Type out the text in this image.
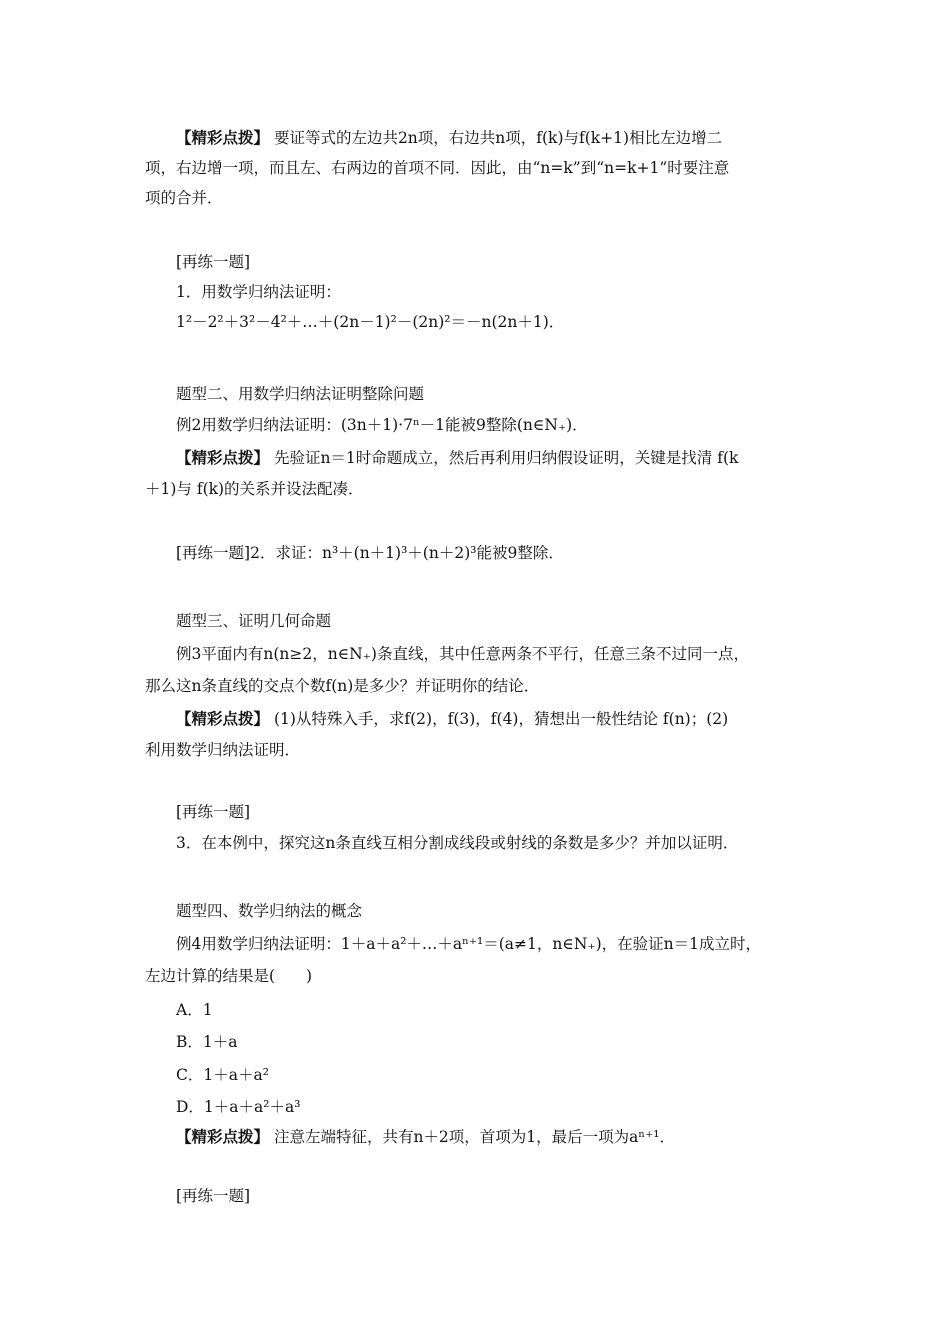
【精彩点拨】 要证等式的左边共2n项，右边共n项，f(k)与f(k+1)相比左边增二
项，右边增一项，而且左、右两边的首项不同．因此，由“n=k”到“n=k+1”时要注意
项的合并．
[再练一题]
1．用数学归纳法证明：
1²－2²＋3²－4²＋…＋(2n－1)²－(2n)²＝－n(2n＋1)．
题型二、用数学归纳法证明整除问题
例2用数学归纳法证明：(3n＋1)·7ⁿ－1能被9整除(n∈N₊)．
【精彩点拨】 先验证n＝1时命题成立，然后再利用归纳假设证明，关键是找清 f(k
＋1)与 f(k)的关系并设法配凑．
[再练一题]2．求证：n³＋(n＋1)³＋(n＋2)³能被9整除．
题型三、证明几何命题
例3平面内有n(n≥2，n∈N₊)条直线，其中任意两条不平行，任意三条不过同一点，
那么这n条直线的交点个数f(n)是多少？并证明你的结论．
【精彩点拨】 (1)从特殊入手，求f(2)，f(3)，f(4)，猜想出一般性结论 f(n)；(2)
利用数学归纳法证明．
[再练一题]
3．在本例中，探究这n条直线互相分割成线段或射线的条数是多少？并加以证明．
题型四、数学归纳法的概念
例4用数学归纳法证明：1＋a＋a²＋…＋aⁿ⁺¹＝(a≠1，n∈N₊)，在验证n＝1成立时，
左边计算的结果是(　　)
A．1
B．1＋a
C．1＋a＋a²
D．1＋a＋a²＋a³
【精彩点拨】 注意左端特征，共有n＋2项，首项为1，最后一项为aⁿ⁺¹．
[再练一题]
